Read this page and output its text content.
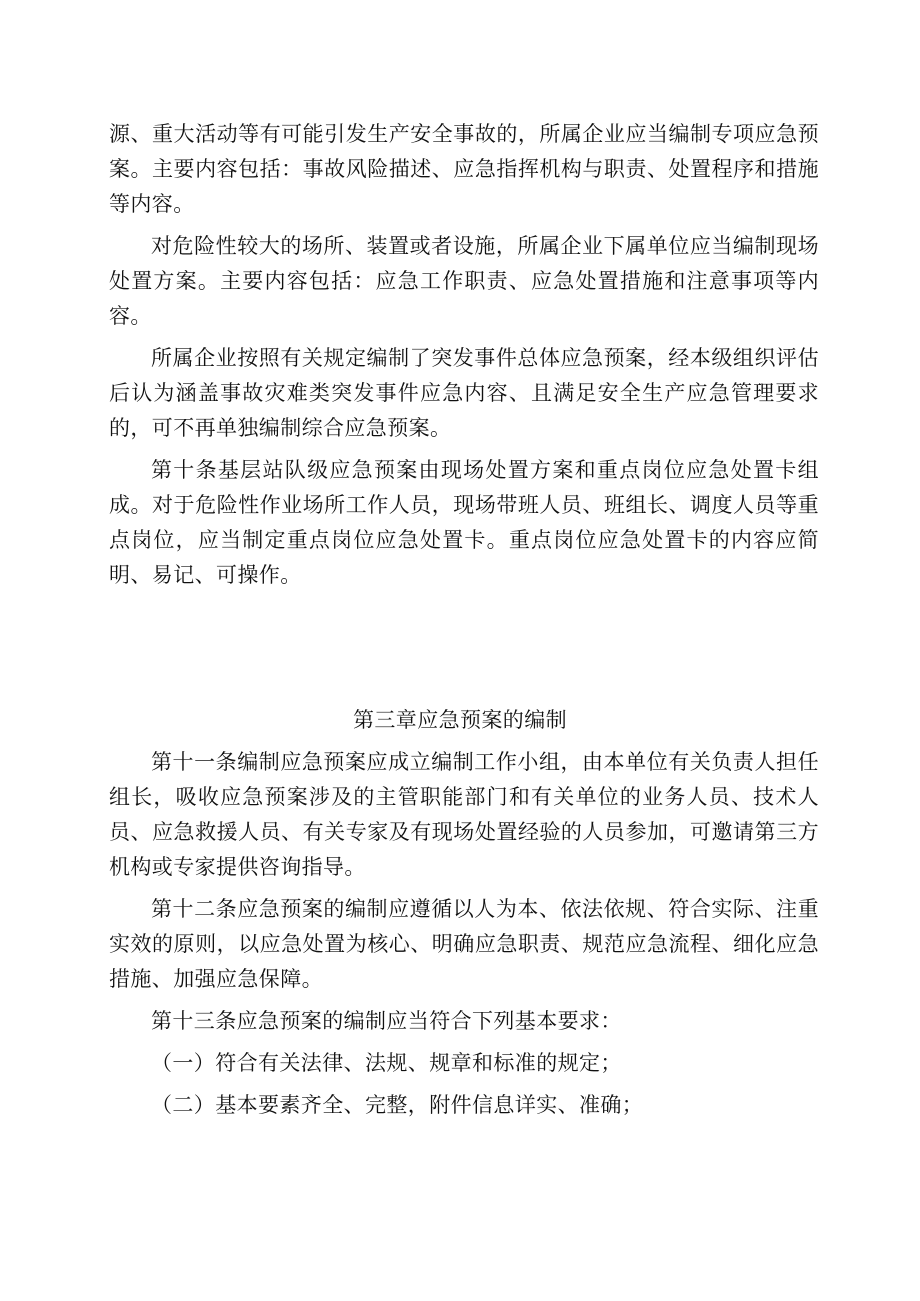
源、重大活动等有可能引发生产安全事故的，所属企业应当编制专项应急预案。主要内容包括：事故风险描述、应急指挥机构与职责、处置程序和措施等内容。

对危险性较大的场所、装置或者设施，所属企业下属单位应当编制现场处置方案。主要内容包括：应急工作职责、应急处置措施和注意事项等内容。

所属企业按照有关规定编制了突发事件总体应急预案，经本级组织评估后认为涵盖事故灾难类突发事件应急内容、且满足安全生产应急管理要求的，可不再单独编制综合应急预案。

第十条基层站队级应急预案由现场处置方案和重点岗位应急处置卡组成。对于危险性作业场所工作人员，现场带班人员、班组长、调度人员等重点岗位，应当制定重点岗位应急处置卡。重点岗位应急处置卡的内容应简明、易记、可操作。

第三章应急预案的编制

第十一条编制应急预案应成立编制工作小组，由本单位有关负责人担任组长，吸收应急预案涉及的主管职能部门和有关单位的业务人员、技术人员、应急救援人员、有关专家及有现场处置经验的人员参加，可邀请第三方机构或专家提供咨询指导。

第十二条应急预案的编制应遵循以人为本、依法依规、符合实际、注重实效的原则，以应急处置为核心、明确应急职责、规范应急流程、细化应急措施、加强应急保障。

第十三条应急预案的编制应当符合下列基本要求：

（一）符合有关法律、法规、规章和标准的规定；

（二）基本要素齐全、完整，附件信息详实、准确；
